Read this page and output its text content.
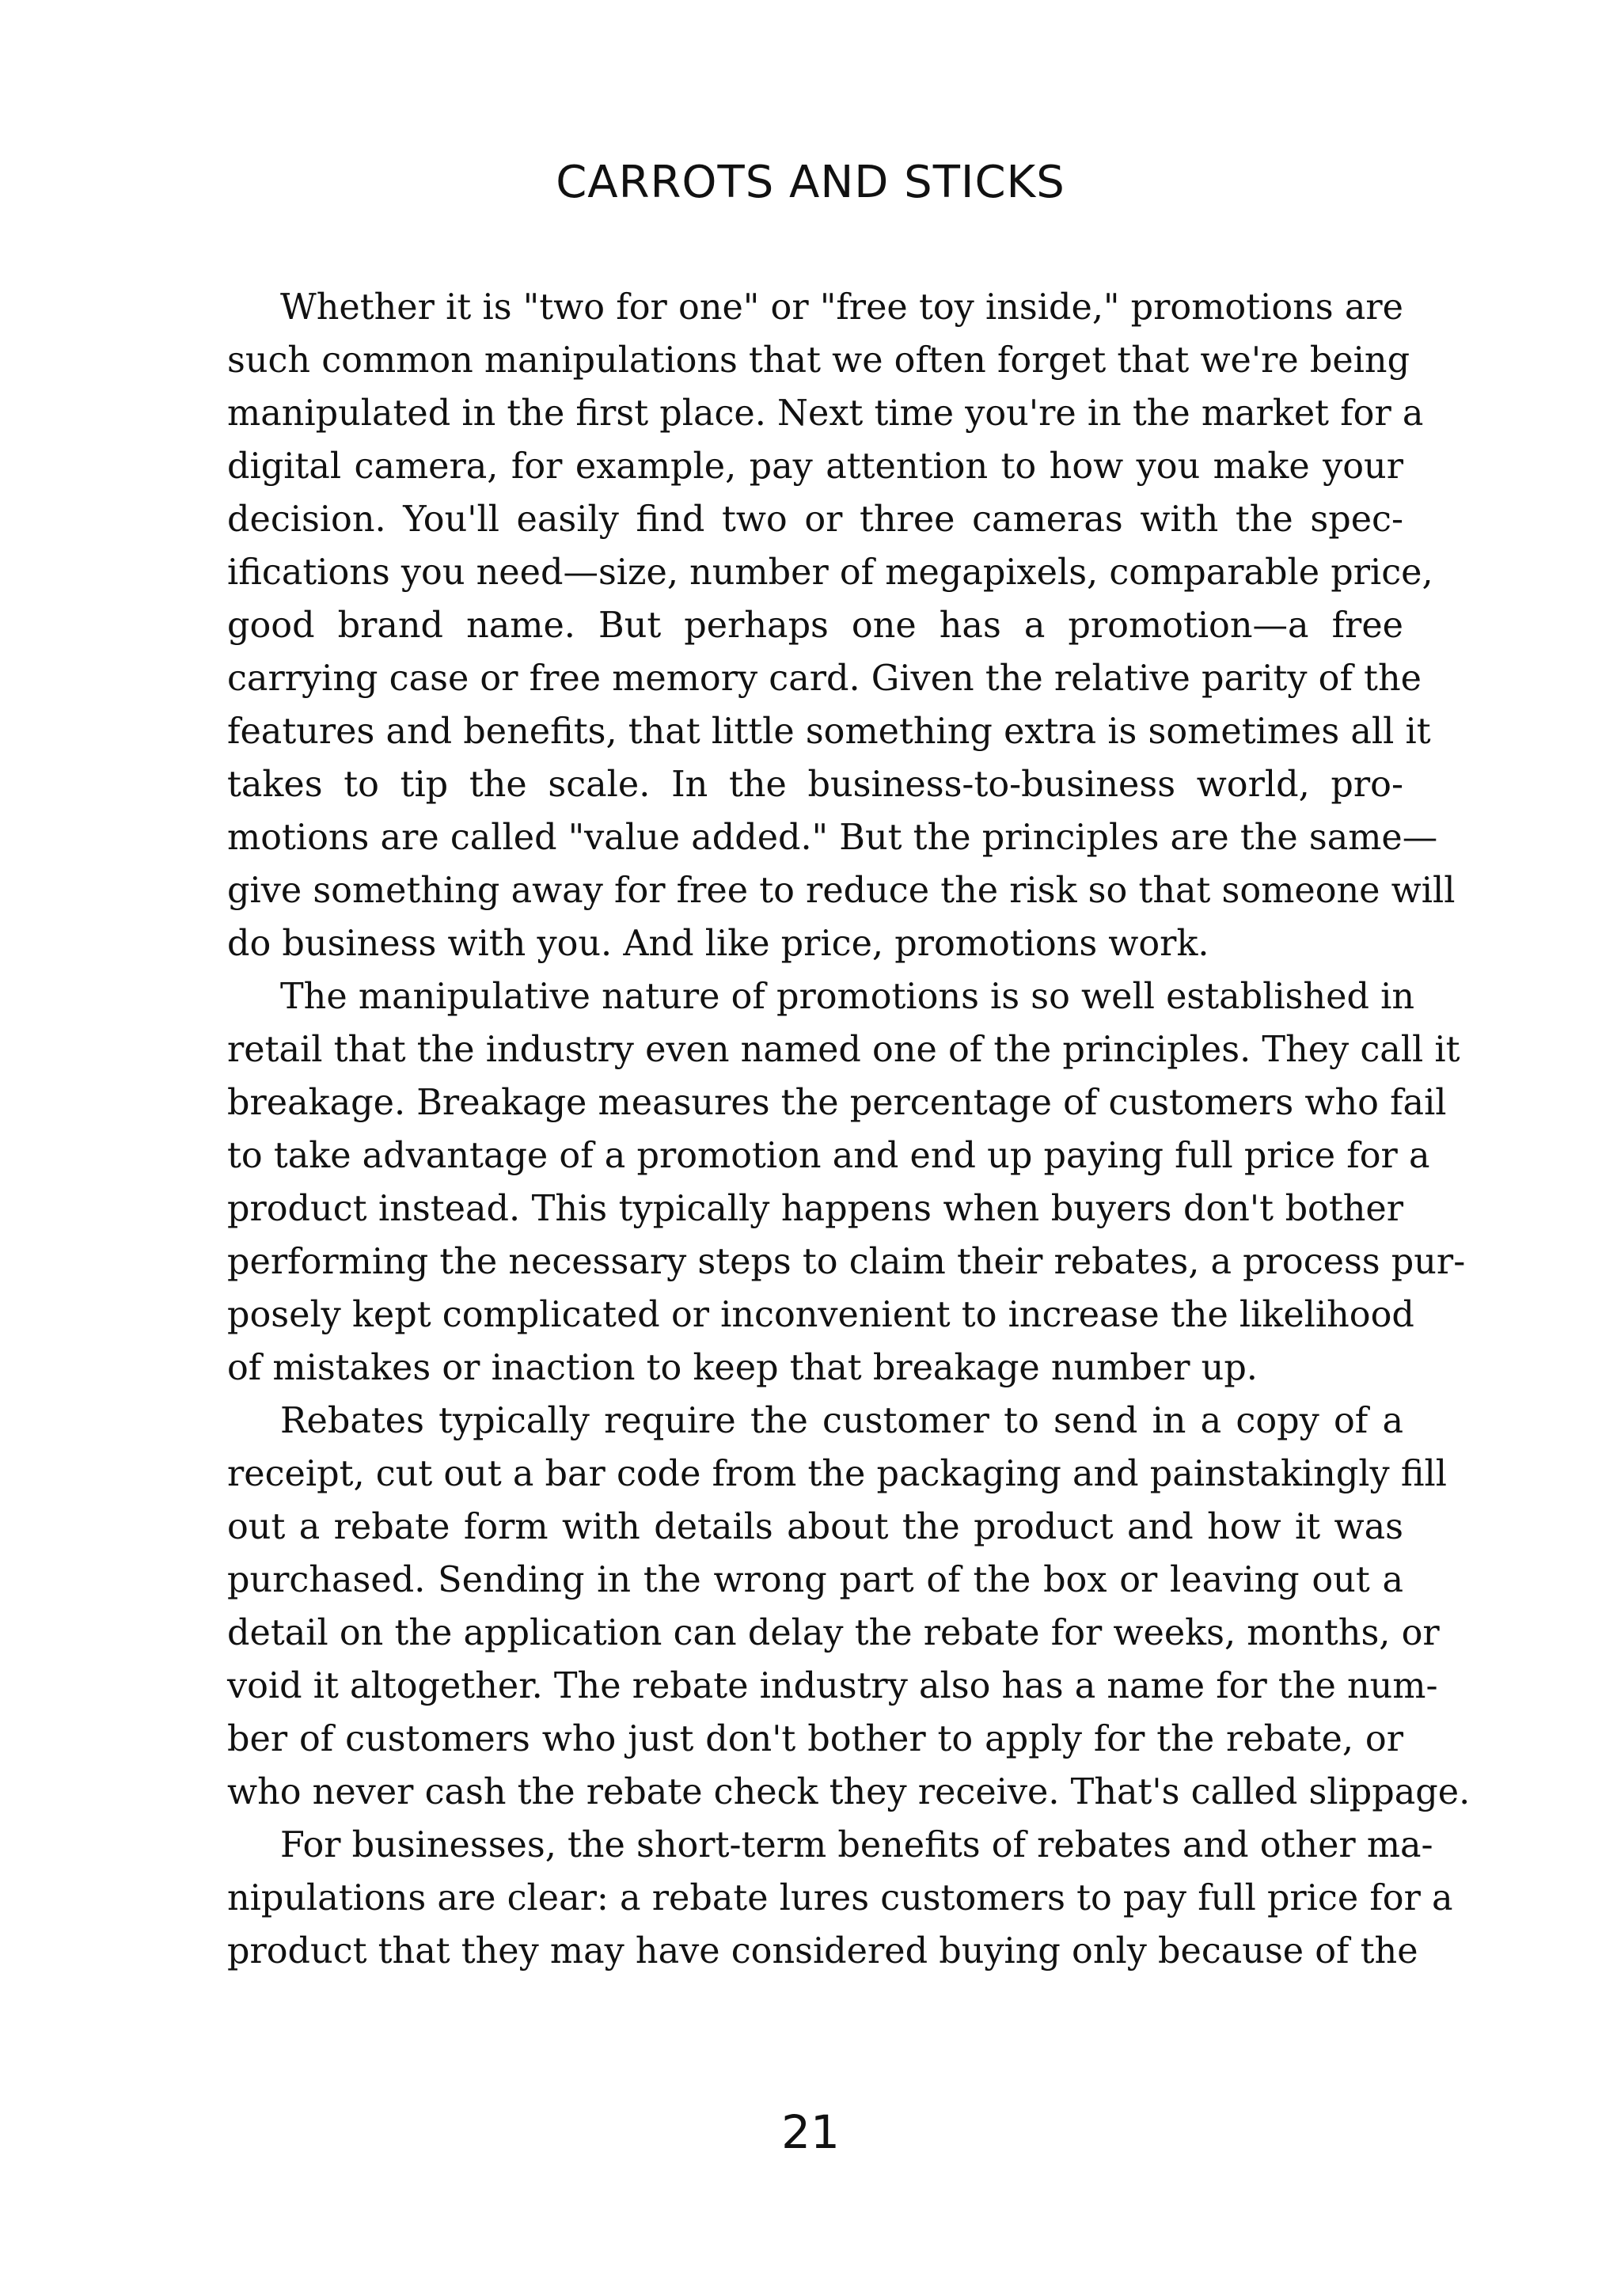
CARROTS AND STICKS
Whether it is "two for one" or "free toy inside," promotions are
such common manipulations that we often forget that we're being
manipulated in the first place. Next time you're in the market for a
digital camera, for example, pay attention to how you make your
decision. You'll easily find two or three cameras with the spec-
ifications you need—size, number of megapixels, comparable price,
good brand name. But perhaps one has a promotion—a free
carrying case or free memory card. Given the relative parity of the
features and benefits, that little something extra is sometimes all it
takes to tip the scale. In the business-to-business world, pro-
motions are called "value added." But the principles are the same—
give something away for free to reduce the risk so that someone will
do business with you. And like price, promotions work.
The manipulative nature of promotions is so well established in
retail that the industry even named one of the principles. They call it
breakage. Breakage measures the percentage of customers who fail
to take advantage of a promotion and end up paying full price for a
product instead. This typically happens when buyers don't bother
performing the necessary steps to claim their rebates, a process pur-
posely kept complicated or inconvenient to increase the likelihood
of mistakes or inaction to keep that breakage number up.
Rebates typically require the customer to send in a copy of a
receipt, cut out a bar code from the packaging and painstakingly fill
out a rebate form with details about the product and how it was
purchased. Sending in the wrong part of the box or leaving out a
detail on the application can delay the rebate for weeks, months, or
void it altogether. The rebate industry also has a name for the num-
ber of customers who just don't bother to apply for the rebate, or
who never cash the rebate check they receive. That's called slippage.
For businesses, the short-term benefits of rebates and other ma-
nipulations are clear: a rebate lures customers to pay full price for a
product that they may have considered buying only because of the
21
